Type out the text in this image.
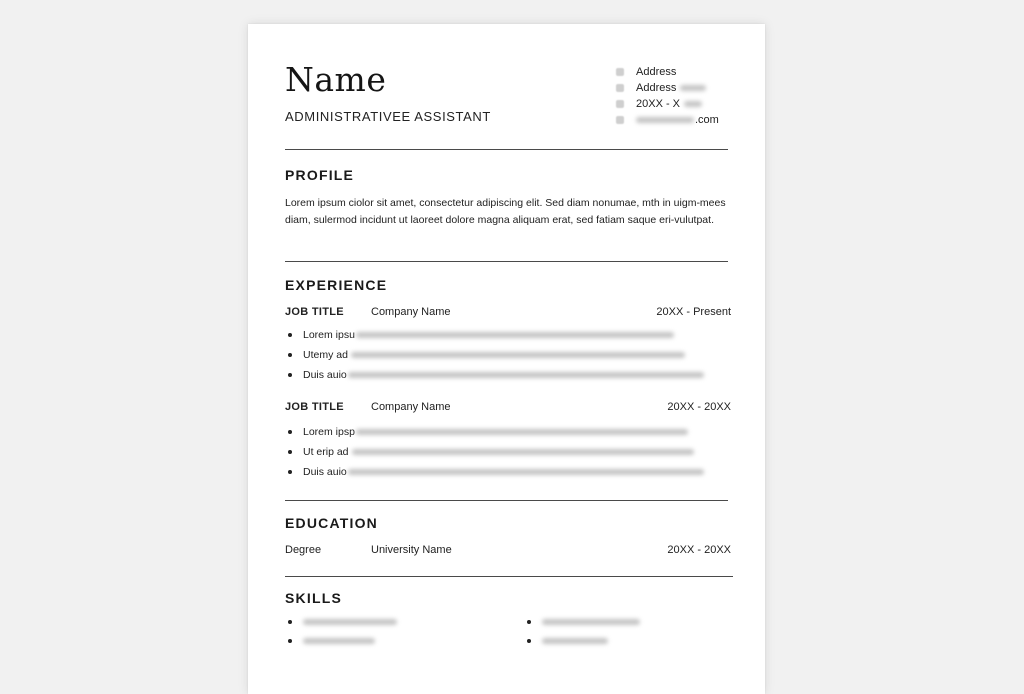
Name
ADMINISTRATIVEE ASSISTANT
Address
Address
20XX - X
.com
PROFILE
Lorem ipsum ciolor sit amet, consectetur adipiscing elit. Sed diam nonumae, mth in uigm-mees diam, sulermod incidunt ut laoreet dolore magna aliquam erat, sed fatiam saque eri-vulutpat.
EXPERIENCE
JOB TITLE Company Name	20XX - Present
Lorem ipsu
Utemy ad
Duis auio
JOB TITLE Company Name	20XX - 20XX
Lorem ipsp
Ut erip ad
Duis auio
EDUCATION
Degree	University Name	20XX - 20XX
SKILLS
